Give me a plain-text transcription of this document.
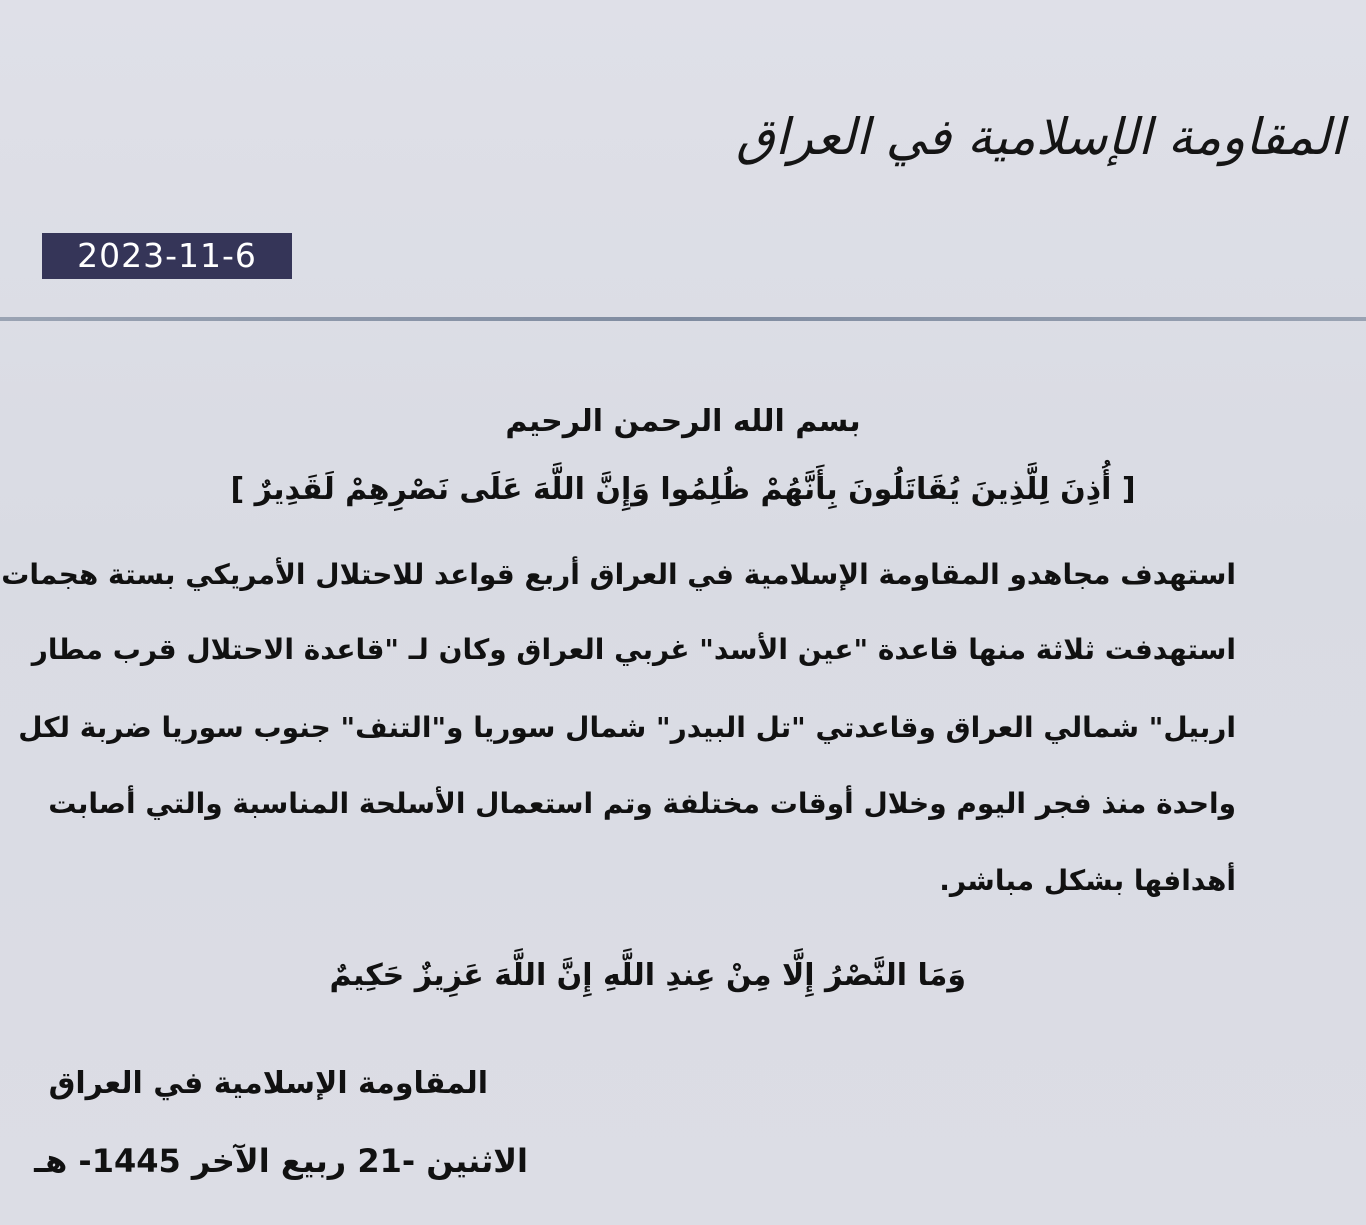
المقاومة الإسلامية في العراق
2023-11-6
بسم الله الرحمن الرحيم
[ أُذِنَ لِلَّذِينَ يُقَاتَلُونَ بِأَنَّهُمْ ظُلِمُوا وَإِنَّ اللَّهَ عَلَى نَصْرِهِمْ لَقَدِيرٌ ]
استهدف مجاهدو المقاومة الإسلامية في العراق أربع قواعد للاحتلال الأمريكي بستة هجمات
استهدفت ثلاثة منها قاعدة "عين الأسد" غربي العراق وكان لـ "قاعدة الاحتلال قرب مطار
اربيل" شمالي العراق وقاعدتي "تل البيدر" شمال سوريا و"التنف" جنوب سوريا ضربة لكل
واحدة منذ فجر اليوم وخلال أوقات مختلفة وتم استعمال الأسلحة المناسبة والتي أصابت
أهدافها بشكل مباشر.
وَمَا النَّصْرُ إِلَّا مِنْ عِندِ اللَّهِ إِنَّ اللَّهَ عَزِيزٌ حَكِيمٌ
المقاومة الإسلامية في العراق
الاثنين -21 ربيع الآخر 1445- هـ
